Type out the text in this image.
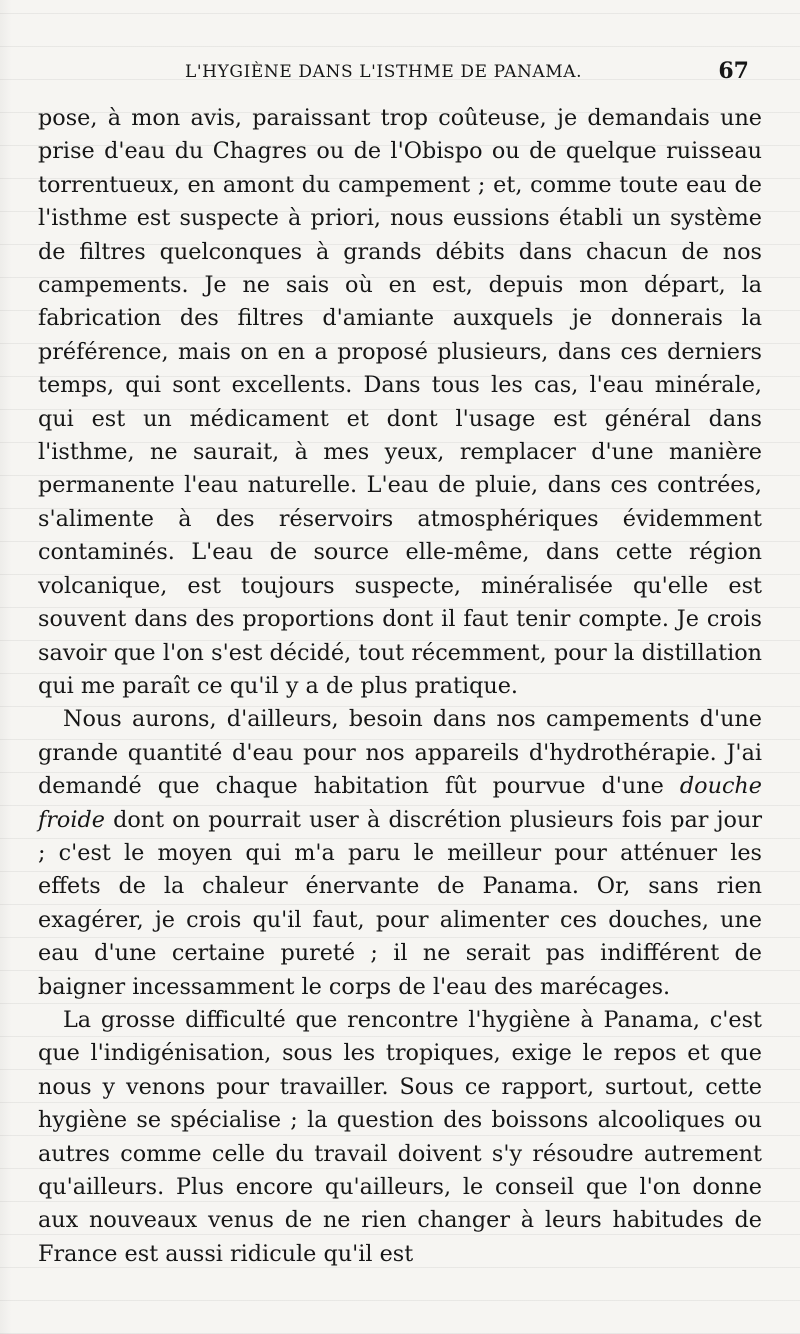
L'HYGIÈNE DANS L'ISTHME DE PANAMA.	67

pose, à mon avis, paraissant trop coûteuse, je demandais une prise d'eau du Chagres ou de l'Obispo ou de quelque ruisseau torrentueux, en amont du campement ; et, comme toute eau de l'isthme est suspecte à priori, nous eussions établi un système de filtres quelconques à grands débits dans chacun de nos campements. Je ne sais où en est, depuis mon départ, la fabrication des filtres d'amiante auxquels je donnerais la préférence, mais on en a proposé plusieurs, dans ces derniers temps, qui sont excellents. Dans tous les cas, l'eau minérale, qui est un médicament et dont l'usage est général dans l'isthme, ne saurait, à mes yeux, remplacer d'une manière permanente l'eau naturelle. L'eau de pluie, dans ces contrées, s'alimente à des réservoirs atmosphériques évidemment contaminés. L'eau de source elle-même, dans cette région volcanique, est toujours suspecte, minéralisée qu'elle est souvent dans des proportions dont il faut tenir compte. Je crois savoir que l'on s'est décidé, tout récemment, pour la distillation qui me paraît ce qu'il y a de plus pratique.

Nous aurons, d'ailleurs, besoin dans nos campements d'une grande quantité d'eau pour nos appareils d'hydrothérapie. J'ai demandé que chaque habitation fût pourvue d'une douche froide dont on pourrait user à discrétion plusieurs fois par jour ; c'est le moyen qui m'a paru le meilleur pour atténuer les effets de la chaleur énervante de Panama. Or, sans rien exagérer, je crois qu'il faut, pour alimenter ces douches, une eau d'une certaine pureté ; il ne serait pas indifférent de baigner incessamment le corps de l'eau des marécages.

La grosse difficulté que rencontre l'hygiène à Panama, c'est que l'indigénisation, sous les tropiques, exige le repos et que nous y venons pour travailler. Sous ce rapport, surtout, cette hygiène se spécialise ; la question des boissons alcooliques ou autres comme celle du travail doivent s'y résoudre autrement qu'ailleurs. Plus encore qu'ailleurs, le conseil que l'on donne aux nouveaux venus de ne rien changer à leurs habitudes de France est aussi ridicule qu'il est
